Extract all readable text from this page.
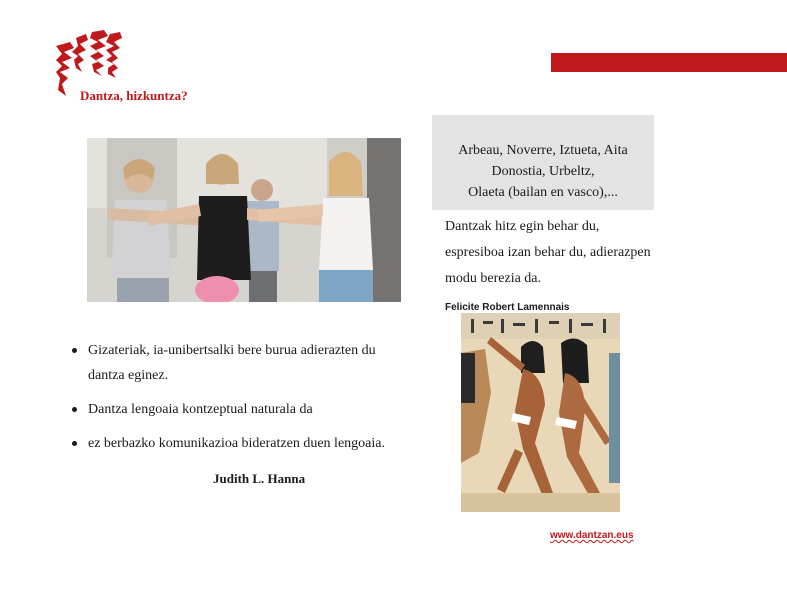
Dantza, hizkuntza?
Arbeau, Noverre, Iztueta, Aita
Donostia, Urbeltz,
Olaeta (bailan en vasco),...
Dantzak hitz egin behar du,
espresiboa izan behar du, adierazpen
modu berezia da.
Felicite Robert Lamennais
Gizateriak, ia-unibertsalki bere burua adierazten du
dantza eginez.
Dantza lengoaia kontzeptual naturala da
ez berbazko komunikazioa bideratzen duen lengoaia.
Judith L. Hanna
www.dantzan.eus
